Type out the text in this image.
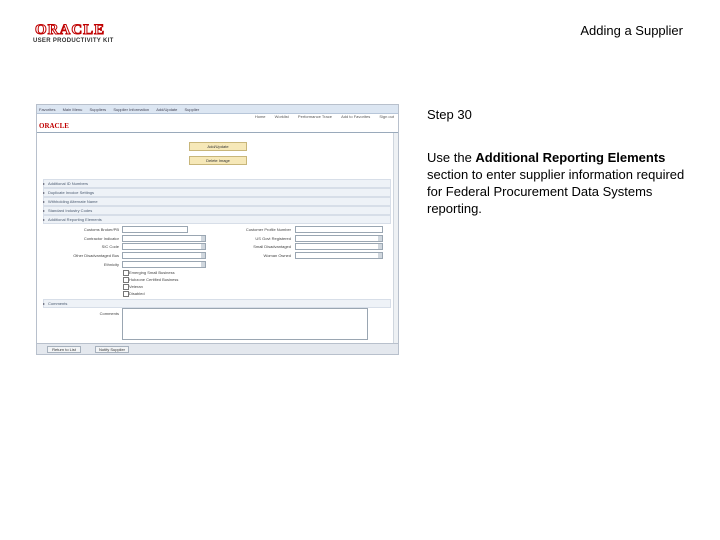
ORACLE
USER PRODUCTIVITY KIT
Adding a Supplier
Favorites Main Menu Suppliers Supplier Information Add/Update Supplier
Home Worklist Performance Trace Add to Favorites Sign out
ORACLE
Add/Update
Delete Image
▸ Additional ID Numbers
▸ Duplicate Invoice Settings
▸ Withholding Alternate Name
▸ Standard Industry Codes
▸ Additional Reporting Elements
Customs Broker/PB
Contractor Indicator
SIC Code
Other Disadvantaged Bus
Ethnicity
Customer Profile Number
US Govt Registered
Small Disadvantaged
Woman Owned
Emerging Small Business
Hubzone Certified Business
Veteran
Disabled
▸ Comments
Comments
Return to List	Notify Supplier
Step 30
Use the Additional Reporting Elements section to enter supplier information required for Federal Procurement Data Systems reporting.
